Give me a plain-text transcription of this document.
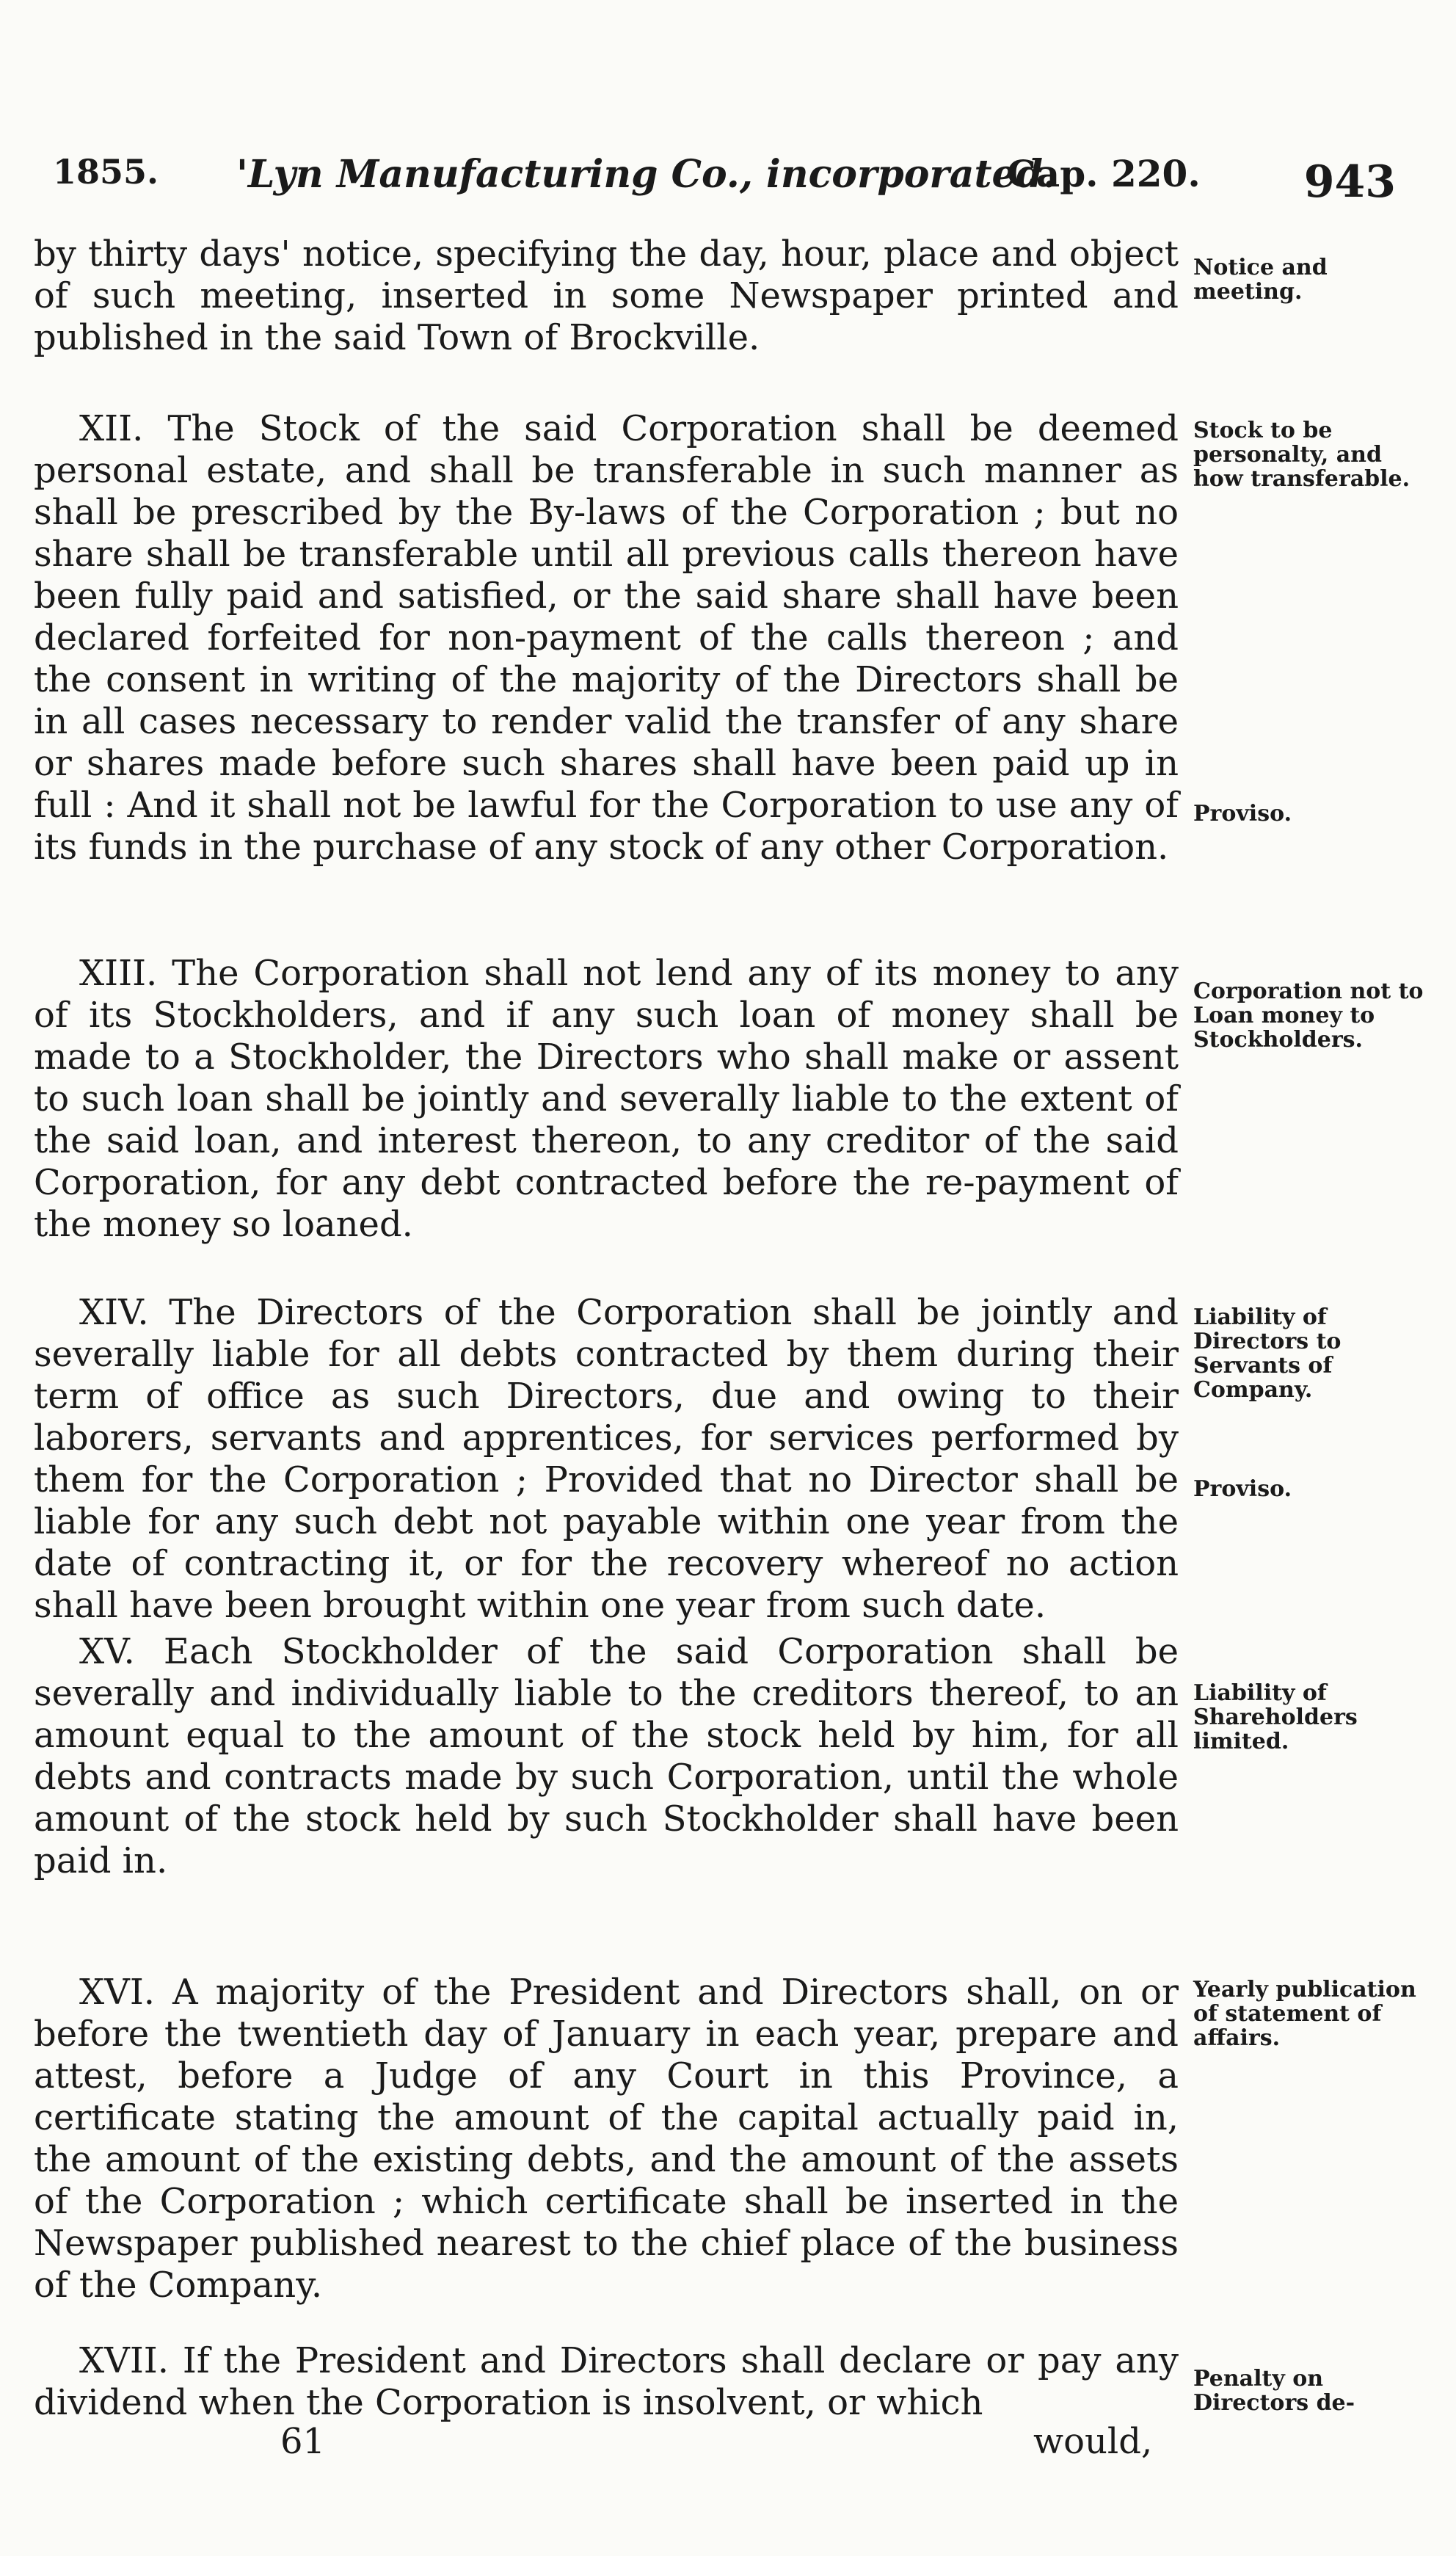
1855. 'Lyn Manufacturing Co., incorporated.
Cap. 220. 943
by thirty days' notice, specifying the day, hour, place and object of such meeting, inserted in some Newspaper printed and published in the said Town of Brockville.
Notice and meeting.
XII. The Stock of the said Corporation shall be deemed personal estate, and shall be transferable in such manner as shall be prescribed by the By-laws of the Corporation ; but no share shall be transferable until all previous calls thereon have been fully paid and satisfied, or the said share shall have been declared forfeited for non-payment of the calls thereon ; and the consent in writing of the majority of the Directors shall be in all cases necessary to render valid the transfer of any share or shares made before such shares shall have been paid up in full : And it shall not be lawful for the Corporation to use any of its funds in the purchase of any stock of any other Corporation.
Stock to be personalty, and how transferable.
Proviso.
XIII. The Corporation shall not lend any of its money to any of its Stockholders, and if any such loan of money shall be made to a Stockholder, the Directors who shall make or assent to such loan shall be jointly and severally liable to the extent of the said loan, and interest thereon, to any creditor of the said Corporation, for any debt contracted before the re-payment of the money so loaned.
Corporation not to Loan money to Stockholders.
XIV. The Directors of the Corporation shall be jointly and severally liable for all debts contracted by them during their term of office as such Directors, due and owing to their laborers, servants and apprentices, for services performed by them for the Corporation ; Provided that no Director shall be liable for any such debt not payable within one year from the date of contracting it, or for the recovery whereof no action shall have been brought within one year from such date.
Liability of Directors to Servants of Company.
Proviso.
XV. Each Stockholder of the said Corporation shall be severally and individually liable to the creditors thereof, to an amount equal to the amount of the stock held by him, for all debts and contracts made by such Corporation, until the whole amount of the stock held by such Stockholder shall have been paid in.
Liability of Shareholders limited.
XVI. A majority of the President and Directors shall, on or before the twentieth day of January in each year, prepare and attest, before a Judge of any Court in this Province, a certificate stating the amount of the capital actually paid in, the amount of the existing debts, and the amount of the assets of the Corporation ; which certificate shall be inserted in the Newspaper published nearest to the chief place of the business of the Company.
Yearly publication of statement of affairs.
XVII. If the President and Directors shall declare or pay any dividend when the Corporation is insolvent, or which
Penalty on Directors de-
61	would,
